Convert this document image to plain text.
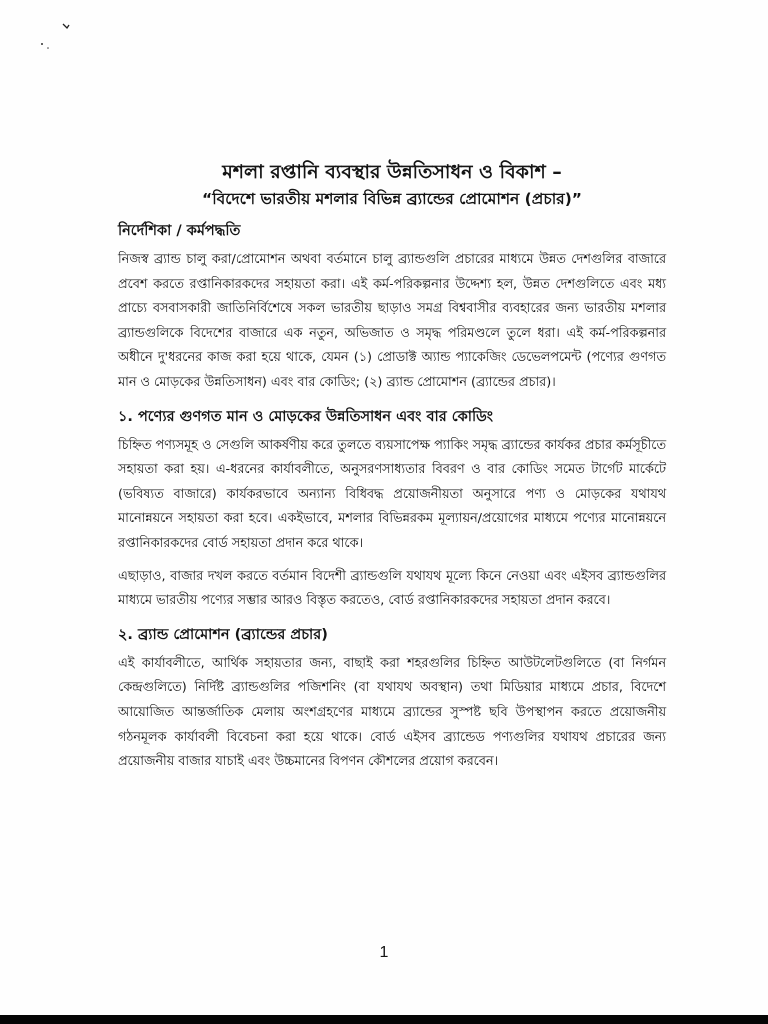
মশলা রপ্তানি ব্যবস্থার উন্নতিসাধন ও বিকাশ –
“বিদেশে ভারতীয় মশলার বিভিন্ন ব্র্যান্ডের প্রোমোশন (প্রচার)”
নির্দেশিকা / কর্মপদ্ধতি

নিজস্ব ব্র্যান্ড চালু করা/প্রোমোশন অথবা বর্তমানে চালু ব্র্যান্ডগুলি প্রচারের মাধ্যমে উন্নত দেশগুলির বাজারে প্রবেশ করতে রপ্তানিকারকদের সহায়তা করা। এই কর্ম-পরিকল্পনার উদ্দেশ্য হল, উন্নত দেশগুলিতে এবং মধ্য প্রাচ্যে বসবাসকারী জাতিনির্বিশেষে সকল ভারতীয় ছাড়াও সমগ্র বিশ্ববাসীর ব্যবহারের জন্য ভারতীয় মশলার ব্র্যান্ডগুলিকে বিদেশের বাজারে এক নতুন, অভিজাত ও সমৃদ্ধ পরিমণ্ডলে তুলে ধরা। এই কর্ম-পরিকল্পনার অধীনে দু'ধরনের কাজ করা হয়ে থাকে, যেমন (১) প্রোডাক্ট অ্যান্ড প্যাকেজিং ডেভেলপমেন্ট (পণ্যের গুণগত মান ও মোড়কের উন্নতিসাধন) এবং বার কোডিং; (২) ব্র্যান্ড প্রোমোশন (ব্র্যান্ডের প্রচার)।

১. পণ্যের গুণগত মান ও মোড়কের উন্নতিসাধন এবং বার কোডিং

চিহ্নিত পণ্যসমূহ ও সেগুলি আকর্ষণীয় করে তুলতে ব্যয়সাপেক্ষ প্যাকিং সমৃদ্ধ ব্র্যান্ডের কার্যকর প্রচার কর্মসূচীতে সহায়তা করা হয়। এ-ধরনের কার্যাবলীতে, অনুসরণসাধ্যতার বিবরণ ও বার কোডিং সমেত টার্গেট মার্কেটে (ভবিষ্যত বাজারে) কার্যকরভাবে অন্যান্য বিধিবদ্ধ প্রয়োজনীয়তা অনুসারে পণ্য ও মোড়কের যথাযথ মানোন্নয়নে সহায়তা করা হবে। একইভাবে, মশলার বিভিন্নরকম মূল্যায়ন/প্রয়োগের মাধ্যমে পণ্যের মানোন্নয়নে রপ্তানিকারকদের বোর্ড সহায়তা প্রদান করে থাকে।

এছাড়াও, বাজার দখল করতে বর্তমান বিদেশী ব্র্যান্ডগুলি যথাযথ মূল্যে কিনে নেওয়া এবং এইসব ব্র্যান্ডগুলির মাধ্যমে ভারতীয় পণ্যের সম্ভার আরও বিস্তৃত করতেও, বোর্ড রপ্তানিকারকদের সহায়তা প্রদান করবে।

২. ব্র্যান্ড প্রোমোশন (ব্র্যান্ডের প্রচার)

এই কার্যাবলীতে, আর্থিক সহায়তার জন্য, বাছাই করা শহরগুলির চিহ্নিত আউটলেটগুলিতে (বা নির্গমন কেন্দ্রগুলিতে) নির্দিষ্ট ব্র্যান্ডগুলির পজিশনিং (বা যথাযথ অবস্থান) তথা মিডিয়ার মাধ্যমে প্রচার, বিদেশে আয়োজিত আন্তর্জাতিক মেলায় অংশগ্রহণের মাধ্যমে ব্র্যান্ডের সুস্পষ্ট ছবি উপস্থাপন করতে প্রয়োজনীয় গঠনমূলক কার্যাবলী বিবেচনা করা হয়ে থাকে। বোর্ড এইসব ব্র্যান্ডেড পণ্যগুলির যথাযথ প্রচারের জন্য প্রয়োজনীয় বাজার যাচাই এবং উচ্চমানের বিপণন কৌশলের প্রয়োগ করবেন।

1
